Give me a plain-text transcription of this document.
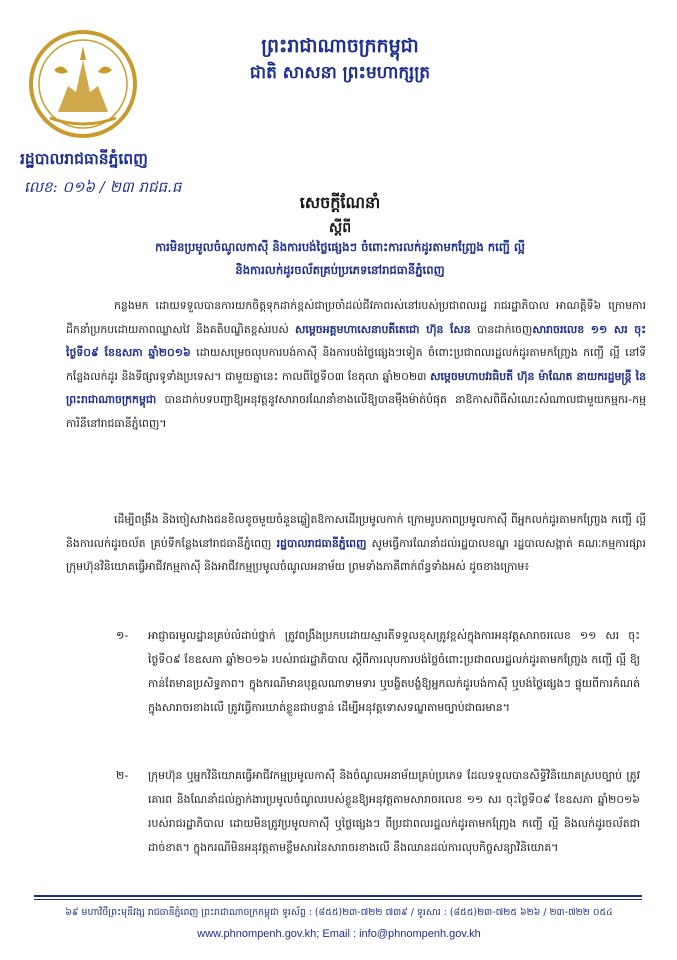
ព្រះរាជាណាចក្រកម្ពុជា
ជាតិ សាសនា ព្រះមហាក្សត្រ
រដ្ឋបាលរាជធានីភ្នំពេញ
លេខ: ០១៦ / ២៣ រាជធ.ធ
សេចក្តីណែនាំ
ស្តីពី
ការមិនប្រមូលចំណូលកាស៊ី និងការបង់ថ្លៃផ្សេងៗ ចំពោះការលក់ដូរតាមកញ្ច្រែង កញ្ជើ ល្អី
និងការលក់ដូរចល័តគ្រប់ប្រភេទនៅរាជធានីភ្នំពេញ
កន្លងមក ដោយទទួលបានការយកចិត្តទុកដាក់ខ្ពស់ជាប្រចាំដល់ជីវភាពរស់នៅរបស់ប្រជាពលរដ្ឋ រាជរដ្ឋាភិបាល អាណត្តិទី៦ ក្រោមការដឹកនាំប្រកបដោយភាពឈ្លាសវៃ និងគតិបណ្ឌិតខ្ពស់របស់ សម្តេចអគ្គមហាសេនាបតីតេជោ ហ៊ុន សែន បានដាក់ចេញសារាចរលេខ ១១ សរ ចុះថ្ងៃទី០៩ ខែឧសភា ឆ្នាំ២០១៦ ដោយសម្រេចលុបការបង់កាស៊ី និងការបង់ថ្លៃផ្សេងៗទៀត ចំពោះប្រជាពលរដ្ឋលក់ដូរតាមកញ្ច្រែង កញ្ជើ ល្អី នៅទីកន្លែងលក់ដូរ និងទីផ្សារទូទាំងប្រទេស។ ជាមួយគ្នានេះ កាលពីថ្ងៃទី០៣ ខែតុលា ឆ្នាំ២០២៣ សម្តេចមហាបវរធិបតី ហ៊ុន ម៉ាណែត នាយករដ្ឋមន្ត្រី នៃព្រះរាជាណាចក្រកម្ពុជា បានដាក់បទបញ្ជាឱ្យអនុវត្តនូវសារាចរណែនាំខាងលើឱ្យបានម៉ឺងម៉ាត់បំផុត នាឱកាសពិធីសំណេះសំណាលជាមួយកម្មករ-កម្មការិនីនៅរាជធានីភ្នំពេញ។
ដើម្បីពង្រឹង និងចៀសវាងជនខិលខូចមួយចំនួនឆ្លៀតឱកាសដើរប្រមូលកាក់ ក្រោមរូបភាពប្រមូលកាស៊ី ពីអ្នកលក់ដូរតាមកញ្ច្រែង កញ្ជើ ល្អី និងការលក់ដូរចល័ត គ្រប់ទីកន្លែងនៅរាជធានីភ្នំពេញ រដ្ឋបាលរាជធានីភ្នំពេញ សូមធ្វើការណែនាំដល់រដ្ឋបាលខណ្ឌ រដ្ឋបាលសង្កាត់ គណៈកម្មការផ្សារ ក្រុមហ៊ុនវិនិយោគធ្វើអាជីវកម្មកាស៊ី និងអាជីវកម្មប្រមូលចំណូលអនាម័យ ព្រមទាំងភាគីពាក់ព័ន្ធទាំងអស់ ដូចខាងក្រោម៖
១- អាជ្ញាធរមូលដ្ឋានគ្រប់លំដាប់ថ្នាក់ ត្រូវពង្រឹងប្រកបដោយស្មារតីទទួលខុសត្រូវខ្ពស់ក្នុងការអនុវត្តសារាចរលេខ ១១ សរ ចុះថ្ងៃទី០៩ ខែឧសភា ឆ្នាំ២០១៦ របស់រាជរដ្ឋាភិបាល ស្តីពីការលុបការបង់ថ្លៃចំពោះប្រជាពលរដ្ឋលក់ដូរតាមកញ្ច្រែង កញ្ជើ ល្អី ឱ្យកាន់តែមានប្រសិទ្ធភាព។ ក្នុងករណីមានបុគ្គលណាទាមទារ ឬបង្ខិតបង្ខំឱ្យអ្នកលក់ដូរបង់កាស៊ី ឬបង់ថ្លៃផ្សេងៗ ផ្ទុយពីការកំណត់ក្នុងសារាចរខាងលើ ត្រូវធ្វើការឃាត់ខ្លួនជាបន្ទាន់ ដើម្បីអនុវត្តទោសទណ្ឌតាមច្បាប់ជាធរមាន។
២- ក្រុមហ៊ុន ឬអ្នកវិនិយោគធ្វើអាជីវកម្មប្រមូលកាស៊ី និងចំណូលអនាម័យគ្រប់ប្រភេទ ដែលទទួលបានសិទ្ធិវិនិយោគស្របច្បាប់ ត្រូវគោរព និងណែនាំដល់ភ្នាក់ងារប្រមូលចំណូលរបស់ខ្លួនឱ្យអនុវត្តតាមសារាចរលេខ ១១ សរ ចុះថ្ងៃទី០៩ ខែឧសភា ឆ្នាំ២០១៦ របស់រាជរដ្ឋាភិបាល ដោយមិនត្រូវប្រមូលកាស៊ី ឬថ្លៃផ្សេងៗ ពីប្រជាពលរដ្ឋលក់ដូរតាមកញ្ច្រែង កញ្ជើ ល្អី និងលក់ដូរចល័តជាដាច់ខាត។ ក្នុងករណីមិនអនុវត្តតាមខ្លឹមសារនៃសារាចរខាងលើ នឹងឈានដល់ការលុបកិច្ចសន្យាវិនិយោគ។
៦៩ មហាវិថីព្រះមុនីវង្ស រាជធានីភ្នំពេញ ព្រះរាជាណាចក្រកម្ពុជា ទូរស័ព្ទ : (៨៥៥)២៣-៧២២ ៧៣៩ / ទូរសារ : (៨៥៥)២៣-៧២៥ ៦២៦ / ២៣-៧២២ ០៥៤
www.phnompenh.gov.kh; Email : info@phnompenh.gov.kh
